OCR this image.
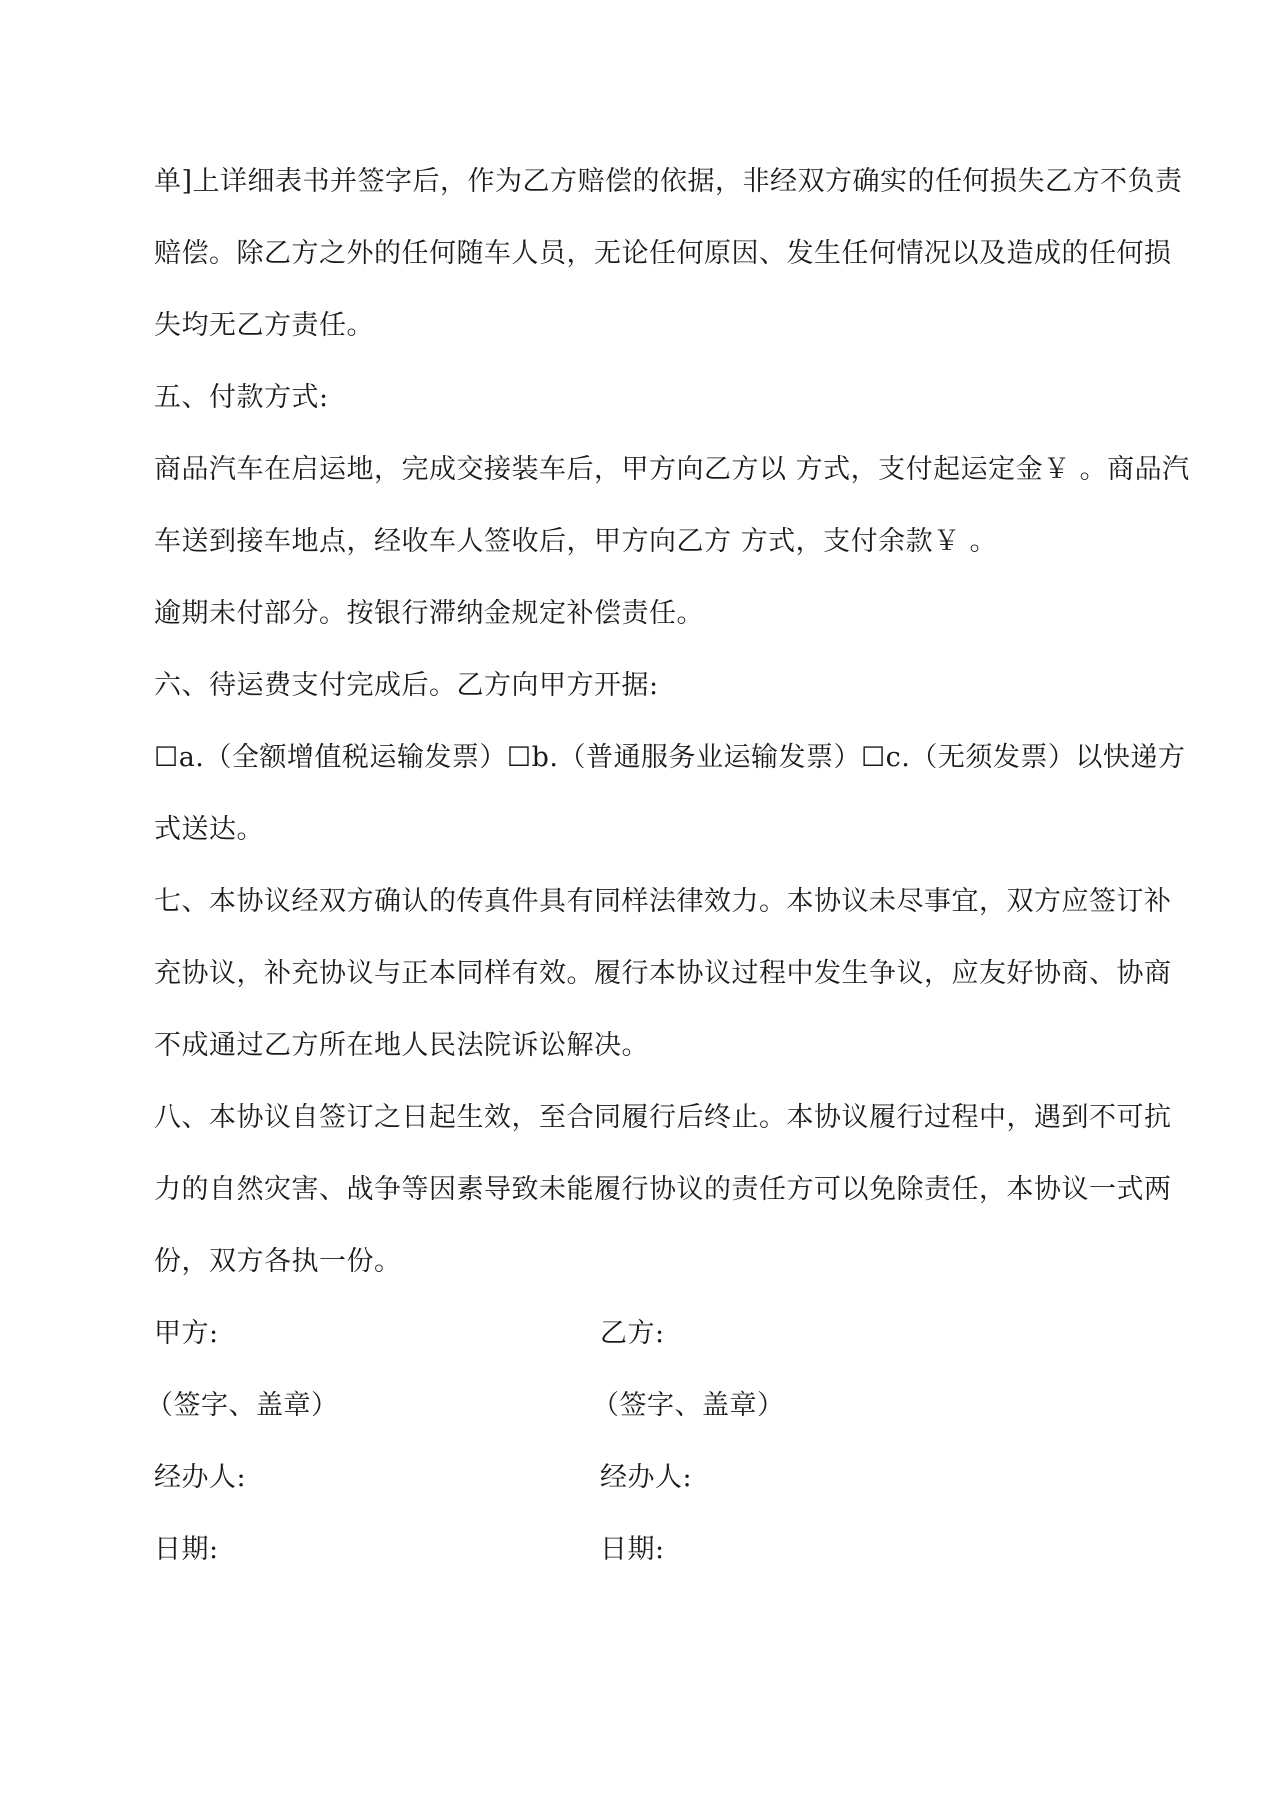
单]上详细表书并签字后，作为乙方赔偿的依据，非经双方确实的任何损失乙方不负责
赔偿。除乙方之外的任何随车人员，无论任何原因、发生任何情况以及造成的任何损
失均无乙方责任。
五、付款方式:
商品汽车在启运地，完成交接装车后，甲方向乙方以 方式，支付起运定金￥ 。商品汽
车送到接车地点，经收车人签收后，甲方向乙方 方式，支付余款￥ 。
逾期未付部分。按银行滞纳金规定补偿责任。
六、待运费支付完成后。乙方向甲方开据:
☐a.（全额增值税运输发票）☐b.（普通服务业运输发票）☐c.（无须发票）以快递方
式送达。
七、本协议经双方确认的传真件具有同样法律效力。本协议未尽事宜，双方应签订补
充协议，补充协议与正本同样有效。履行本协议过程中发生争议，应友好协商、协商
不成通过乙方所在地人民法院诉讼解决。
八、本协议自签订之日起生效，至合同履行后终止。本协议履行过程中，遇到不可抗
力的自然灾害、战争等因素导致未能履行协议的责任方可以免除责任，本协议一式两
份，双方各执一份。
甲方:	乙方:
（签字、盖章）	（签字、盖章）
经办人:	经办人:
日期:	日期:
